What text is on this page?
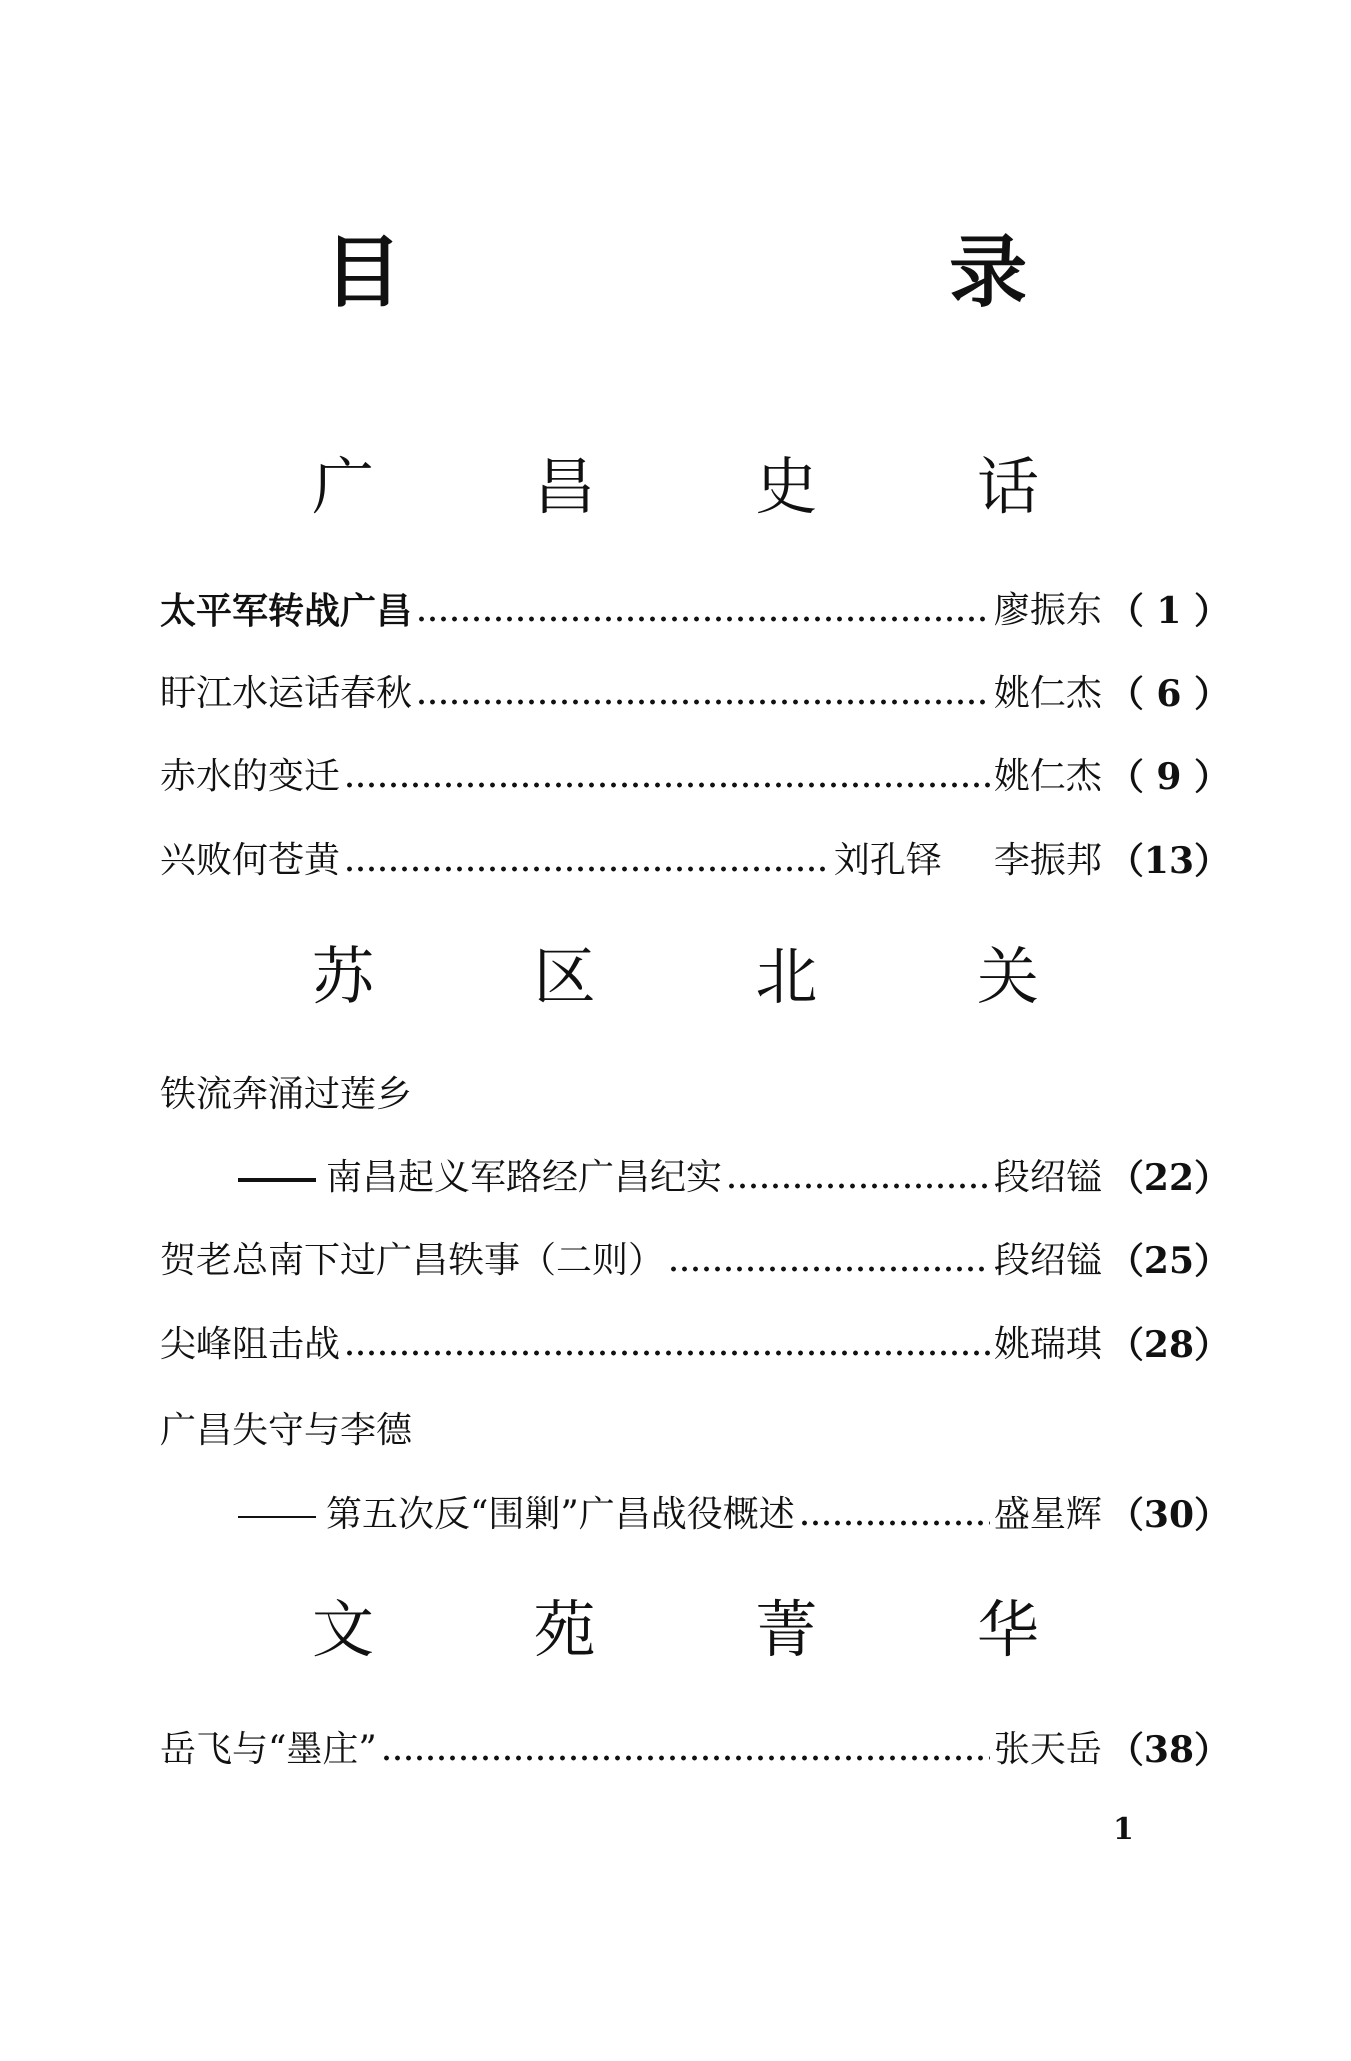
目 录
广 昌 史 话
太平军转战广昌	廖振东 （ 1 ）
盱江水运话春秋	姚仁杰 （ 6 ）
赤水的变迁	姚仁杰 （ 9 ）
兴败何苍黄	刘孔铎 李振邦 （13）
苏 区 北 关
铁流奔涌过莲乡
南昌起义军路经广昌纪实	段绍镒 （22）
贺老总南下过广昌轶事（二则）	段绍镒 （25）
尖峰阻击战	姚瑞琪 （28）
广昌失守与李德
第五次反“围剿”广昌战役概述	盛星辉 （30）
文 苑 菁 华
岳飞与“墨庄”	张天岳 （38）
1
